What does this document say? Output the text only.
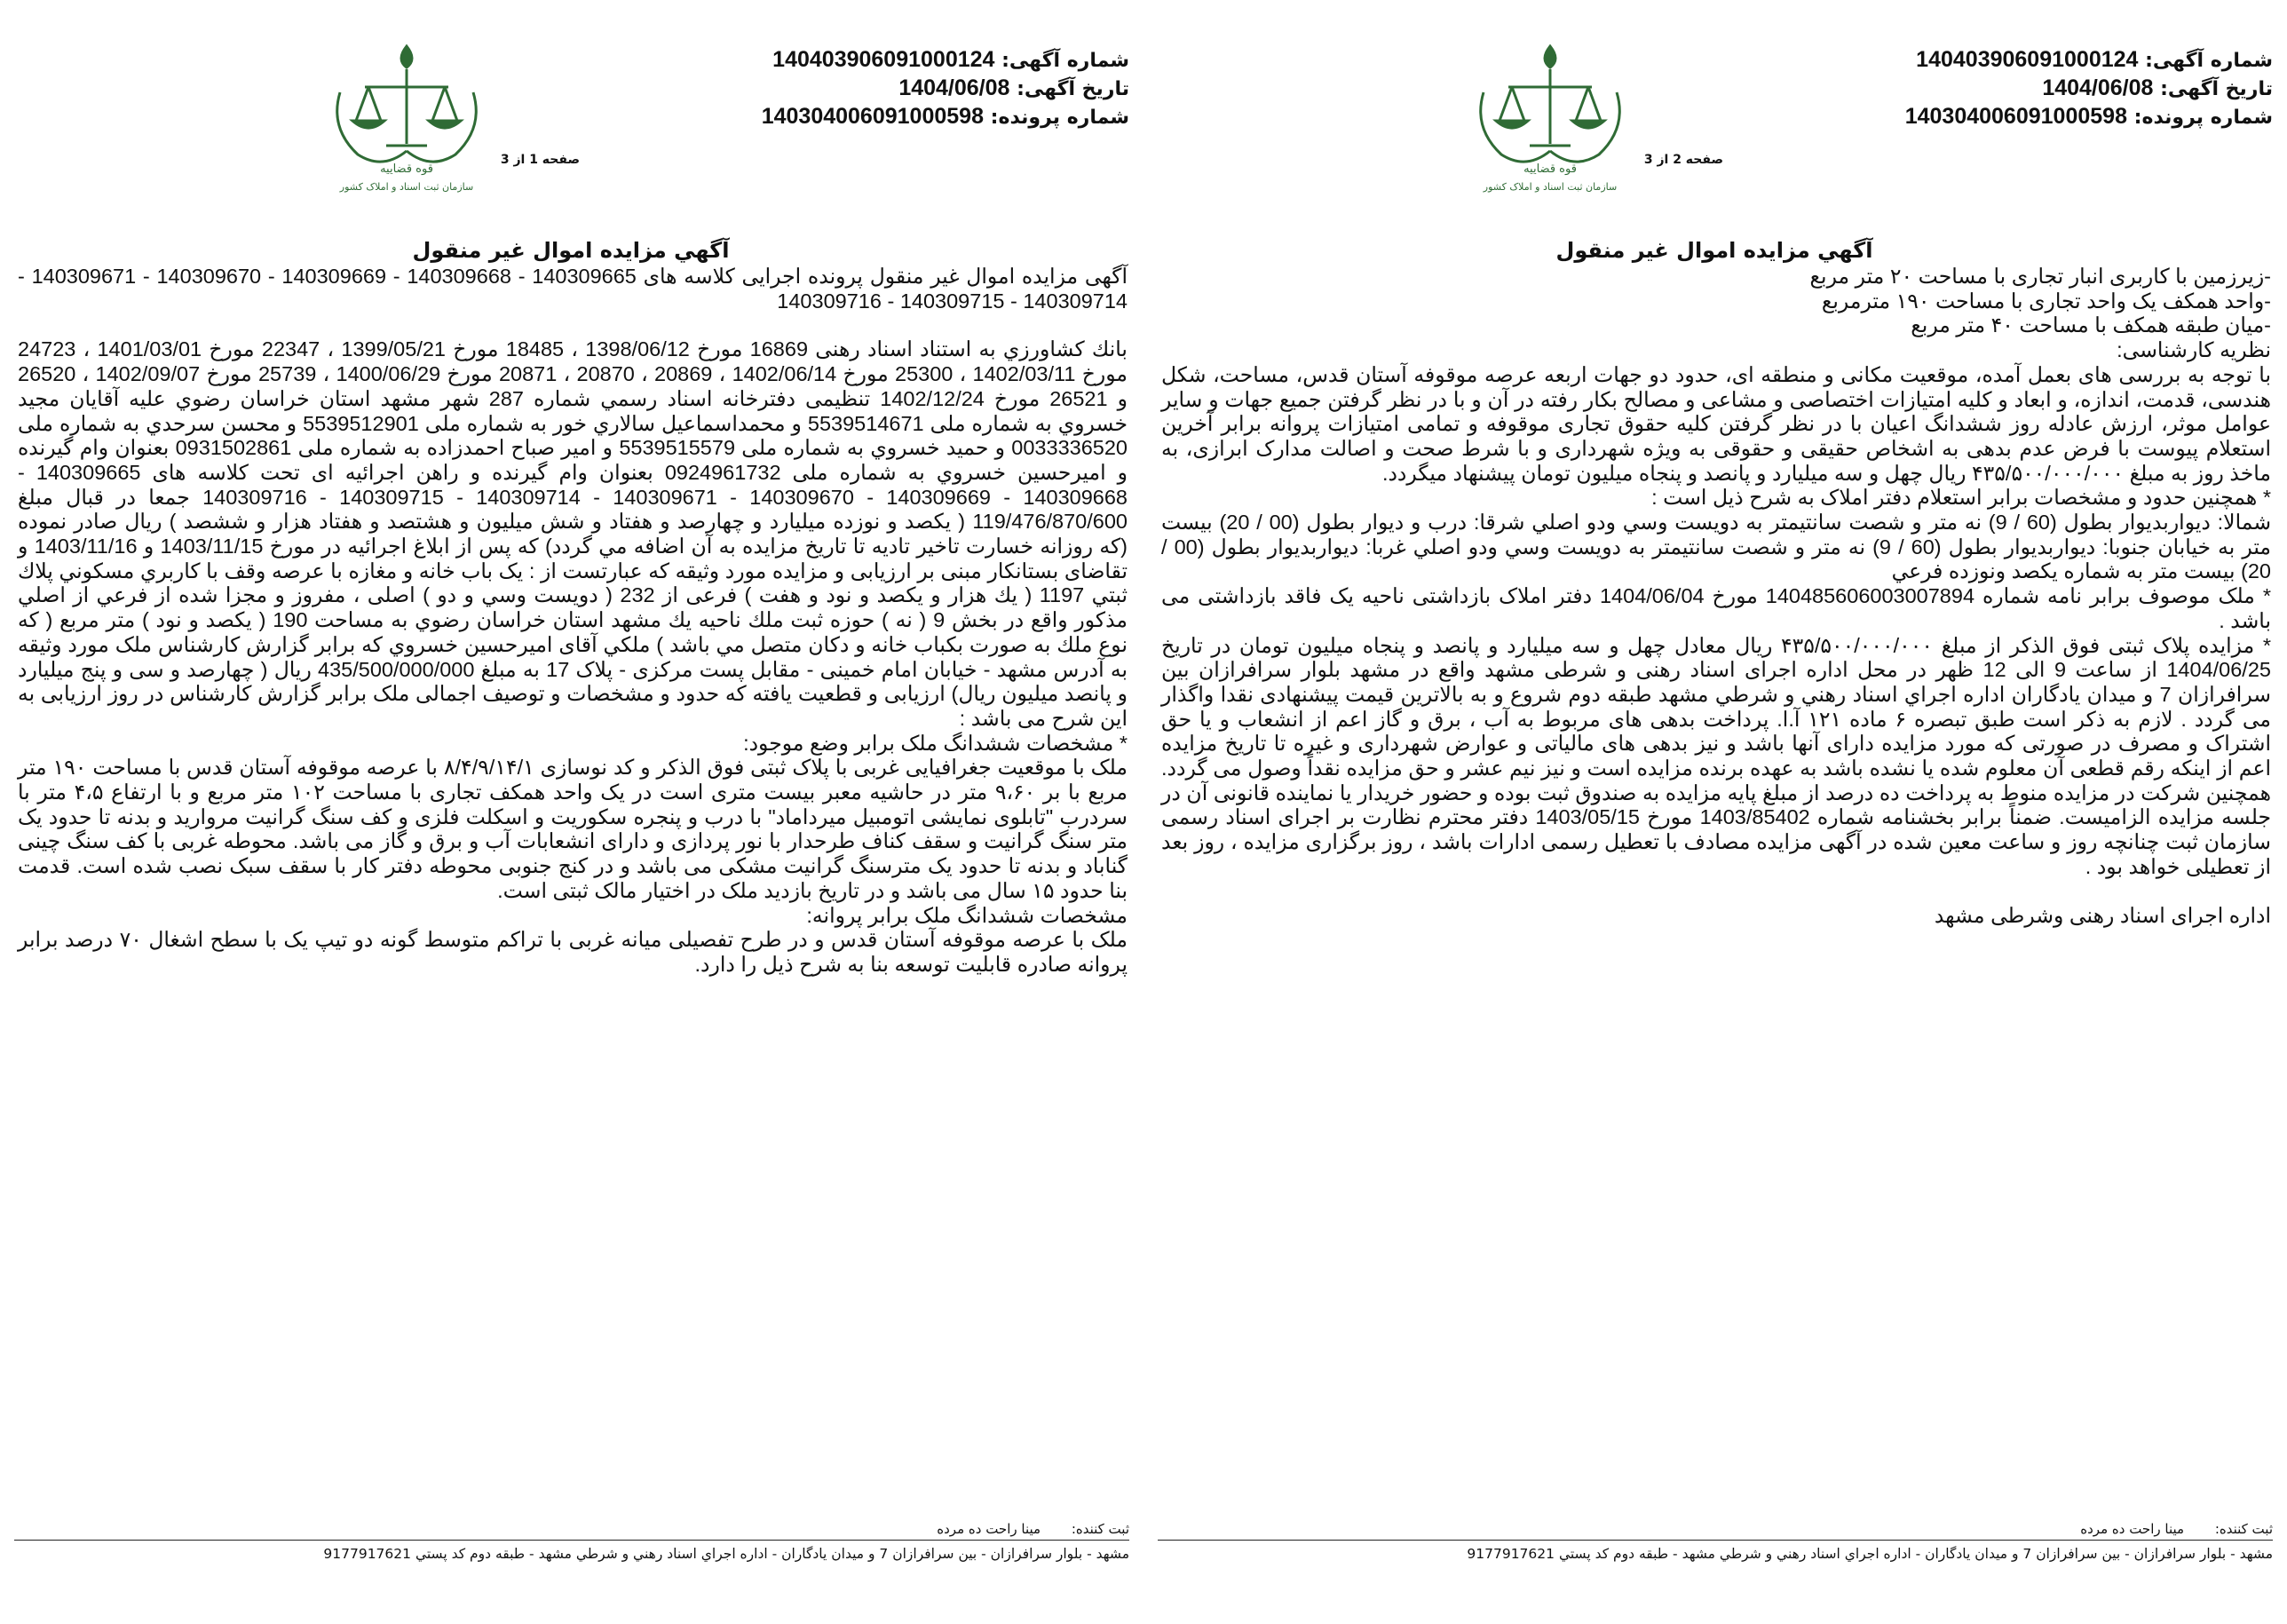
شماره آگهی: 140403906091000124
تاریخ آگهی: 1404/06/08
شماره پرونده: 140304006091000598
قوه قضاییه
سازمان ثبت اسناد و املاک کشور
صفحه 2 از 3
آگهي مزايده اموال غير منقول

-زیرزمین با کاربری انبار تجاری با مساحت ۲۰ متر مربع

-واحد همکف یک واحد تجاری با مساحت ۱۹۰ مترمربع

-میان طبقه همکف با مساحت ۴۰ متر مربع

نظریه کارشناسی:

با توجه به بررسی های بعمل آمده، موقعیت مکانی و منطقه ای، حدود دو جهات اربعه عرصه موقوفه آستان قدس، مساحت، شکل هندسی، قدمت، اندازه، و ابعاد و کلیه امتیازات اختصاصی و مشاعی و مصالح بکار رفته در آن و با در نظر گرفتن جمیع جهات و سایر عوامل موثر، ارزش عادله روز ششدانگ اعیان با در نظر گرفتن کلیه حقوق تجاری موقوفه و تمامی امتیازات پروانه برابر آخرین استعلام پیوست با فرض عدم بدهی به اشخاص حقیقی و حقوقی به ویژه شهرداری و با شرط صحت و اصالت مدارک ابرازی، به ماخذ روز به مبلغ ۴۳۵/۵۰۰/۰۰۰/۰۰۰ ریال چهل و سه میلیارد و پانصد و پنجاه میلیون تومان پیشنهاد میگردد.

* همچنین حدود و مشخصات برابر استعلام دفتر املاک به شرح ذیل است :

شمالا: ديواربديوار بطول (60 / 9) نه متر و شصت سانتيمتر به دويست وسي ودو اصلي شرقا: درب و ديوار بطول (00 / 20) بيست متر به خيابان جنوبا: ديواربديوار بطول (60 / 9) نه متر و شصت سانتيمتر به دويست وسي ودو اصلي غربا: ديواربديوار بطول (00 / 20) بيست متر به شماره يكصد ونوزده فرعي

* ملک موصوف برابر نامه شماره 140485606003007894 مورخ 1404/06/04 دفتر املاک بازداشتی ناحیه یک فاقد بازداشتی می باشد .

* مزایده پلاک ثبتی فوق الذکر از مبلغ ۴۳۵/۵۰۰/۰۰۰/۰۰۰ ریال معادل چهل و سه میلیارد و پانصد و پنجاه میلیون تومان در تاریخ 1404/06/25 از ساعت 9 الی 12 ظهر در محل اداره اجرای اسناد رهنی و شرطی مشهد واقع در مشهد بلوار سرافرازان بين سرافرازان 7 و ميدان يادگاران اداره اجراي اسناد رهني و شرطي مشهد طبقه دوم شروع و به بالاترین قیمت پیشنهادی نقدا واگذار می گردد . لازم به ذکر است طبق تبصره ۶ ماده ۱۲۱ آ.ا. پرداخت بدهی های مربوط به آب ، برق و گاز اعم از انشعاب و یا حق اشتراک و مصرف در صورتی که مورد مزایده دارای آنها باشد و نیز بدهی های مالیاتی و عوارض شهرداری و غیره تا تاریخ مزایده اعم از اینکه رقم قطعی آن معلوم شده یا نشده باشد به عهده برنده مزایده است و نیز نیم عشر و حق مزایده نقداً وصول می گردد. همچنین شرکت در مزایده منوط به پرداخت ده درصد از مبلغ پایه مزایده به صندوق ثبت بوده و حضور خریدار یا نماینده قانونی آن در جلسه مزایده الزامیست. ضمناً برابر بخشنامه شماره 1403/85402 مورخ 1403/05/15 دفتر محترم نظارت بر اجرای اسناد رسمی سازمان ثبت چنانچه روز و ساعت معین شده در آگهی مزایده مصادف با تعطیل رسمی ادارات باشد ، روز برگزاری مزایده ، روز بعد از تعطیلی خواهد بود .

اداره اجرای اسناد رهنی وشرطی مشهد

ثبت کننده: مینا راحت ده مرده
مشهد - بلوار سرافرازان - بين سرافرازان 7 و ميدان يادگاران - اداره اجراي اسناد رهني و شرطي مشهد - طبقه دوم كد پستي 9177917621
شماره آگهی: 140403906091000124
تاریخ آگهی: 1404/06/08
شماره پرونده: 140304006091000598
قوه قضاییه
سازمان ثبت اسناد و املاک کشور
صفحه 1 از 3
آگهي مزايده اموال غير منقول

آگهی مزایده اموال غیر منقول پرونده اجرایی کلاسه های 140309665 - 140309668 - 140309669 - 140309670 - 140309671 - 140309714 - 140309715 - 140309716

بانك كشاورزي به استناد اسناد رهنی 16869 مورخ 1398/06/12 ، 18485 مورخ 1399/05/21 ، 22347 مورخ 1401/03/01 ، 24723 مورخ 1402/03/11 ، 25300 مورخ 1402/06/14 ، 20869 ، 20870 ، 20871 مورخ 1400/06/29 ، 25739 مورخ 1402/09/07 ، 26520 و 26521 مورخ 1402/12/24 تنظیمی دفترخانه اسناد رسمي شماره 287 شهر مشهد استان خراسان رضوي عليه آقايان مجيد خسروي به شماره ملی 5539514671 و محمداسماعيل سالاري خور به شماره ملی 5539512901 و محسن سرحدي به شماره ملی 0033336520 و حميد خسروي به شماره ملی 5539515579 و امير صباح احمدزاده به شماره ملی 0931502861 بعنوان وام گيرنده و اميرحسين خسروي به شماره ملی 0924961732 بعنوان وام گيرنده و راهن اجرائيه ای تحت کلاسه های 140309665 - 140309668 - 140309669 - 140309670 - 140309671 - 140309714 - 140309715 - 140309716 جمعا در قبال مبلغ 119/476/870/600 ( يكصد و نوزده ميليارد و چهارصد و هفتاد و شش ميليون و هشتصد و هفتاد هزار و ششصد ) ريال صادر نموده (كه روزانه خسارت تاخير تاديه تا تاريخ مزايده به آن اضافه مي گردد) كه پس از ابلاغ اجرائيه در مورخ 1403/11/15 و 1403/11/16 و تقاضای بستانکار مبنی بر ارزيابی و مزايده مورد وثيقه که عبارتست از : يک باب خانه و مغازه با عرصه وقف با كاربري مسكوني پلاك ثبتي 1197 ( يك هزار و يكصد و نود و هفت ) فرعی از 232 ( دويست وسي و دو ) اصلی ، مفروز و مجزا شده از فرعي از اصلي مذكور واقع در بخش 9 ( نه ) حوزه ثبت ملك ناحيه يك مشهد استان خراسان رضوي به مساحت 190 ( يكصد و نود ) متر مربع ( كه نوع ملك به صورت بكباب خانه و دكان متصل مي باشد ) ملكي آقای اميرحسين خسروي که برابر گزارش کارشناس ملک مورد وثيقه به آدرس مشهد - خيابان امام خمينی - مقابل پست مرکزی - پلاک 17 به مبلغ 435/500/000/000 ريال ( چهارصد و سی و پنج میلیارد و پانصد میلیون ریال) ارزيابی و قطعيت يافته که حدود و مشخصات و توصيف اجمالی ملک برابر گزارش کارشناس در روز ارزيابی به اين شرح می باشد :

* مشخصات ششدانگ ملک برابر وضع موجود:

ملک با موقعیت جغرافیایی غربی با پلاک ثبتی فوق الذکر و کد نوسازی ۸/۴/۹/۱۴/۱ با عرصه موقوفه آستان قدس با مساحت ۱۹۰ متر مربع با بر ۹،۶۰ متر در حاشیه معبر بیست متری است در یک واحد همکف تجاری با مساحت ۱۰۲ متر مربع و با ارتفاع ۴،۵ متر با سردرب "تابلوی نمایشی اتومبیل میرداماد" با درب و پنجره سکوریت و اسکلت فلزی و کف سنگ گرانیت مروارید و بدنه تا حدود یک متر سنگ گرانیت و سقف کناف طرحدار با نور پردازی و دارای انشعابات آب و برق و گاز می باشد. محوطه غربی با کف سنگ چینی گناباد و بدنه تا حدود یک مترسنگ گرانیت مشکی می باشد و در کنج جنوبی محوطه دفتر کار با سقف سبک نصب شده است. قدمت بنا حدود ۱۵ سال می باشد و در تاریخ بازدید ملک در اختیار مالک ثبتی است.

مشخصات ششدانگ ملک برابر پروانه:

ملک با عرصه موقوفه آستان قدس و در طرح تفصیلی میانه غربی با تراکم متوسط گونه دو تیپ یک با سطح اشغال ۷۰ درصد برابر پروانه صادره قابلیت توسعه بنا به شرح ذیل را دارد.

ثبت کننده: مینا راحت ده مرده
مشهد - بلوار سرافرازان - بين سرافرازان 7 و ميدان يادگاران - اداره اجراي اسناد رهني و شرطي مشهد - طبقه دوم كد پستي 9177917621
